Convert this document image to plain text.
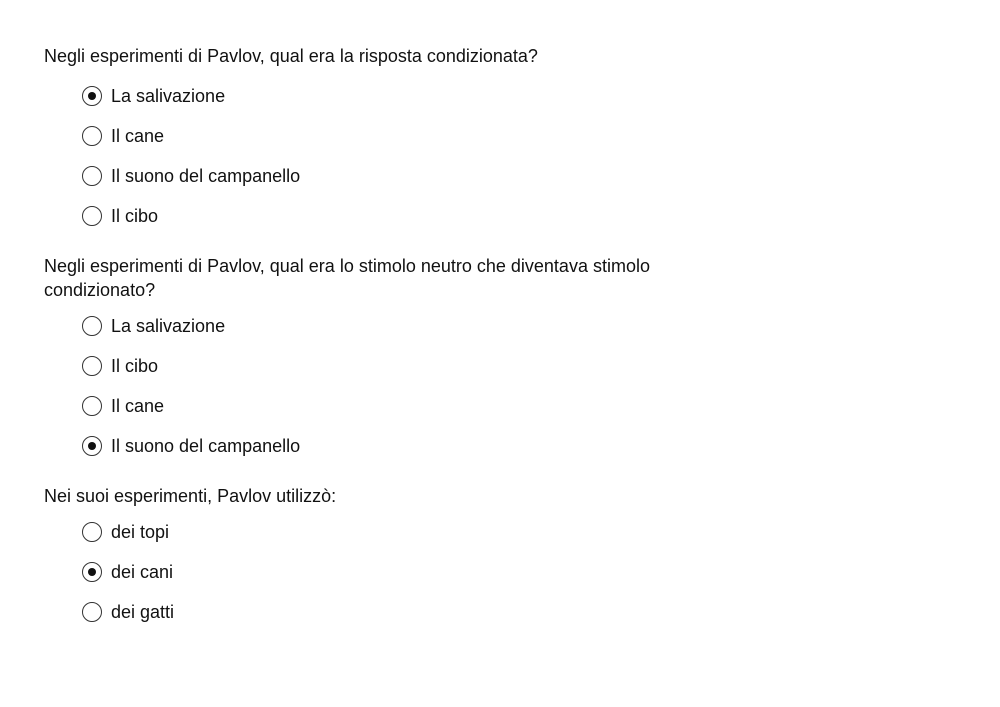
Negli esperimenti di Pavlov, qual era la risposta condizionata?

La salivazione
Il cane
Il suono del campanello
Il cibo

Negli esperimenti di Pavlov, qual era lo stimolo neutro che diventava stimolo condizionato?

La salivazione
Il cibo
Il cane
Il suono del campanello

Nei suoi esperimenti, Pavlov utilizzò:

dei topi
dei cani
dei gatti
